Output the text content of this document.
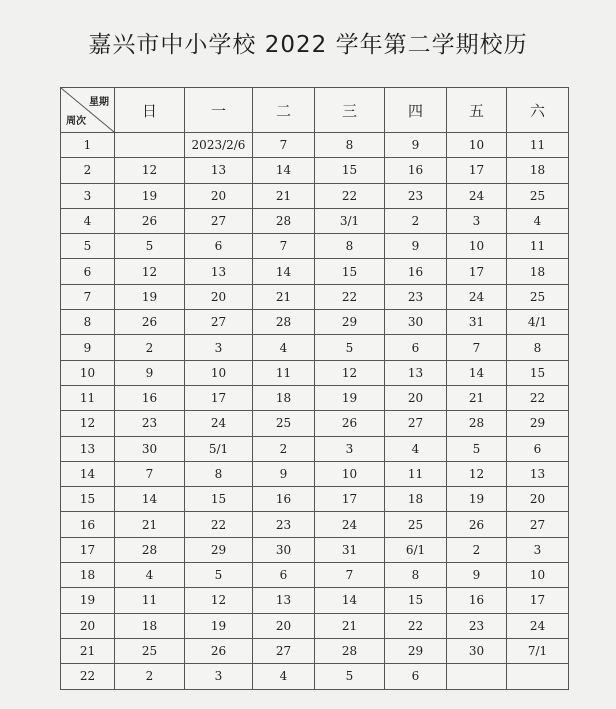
嘉兴市中小学校 2022 学年第二学期校历
星期
周次	日	一	二	三	四	五	六
1		2023/2/6	7	8	9	10	11
2	12	13	14	15	16	17	18
3	19	20	21	22	23	24	25
4	26	27	28	3/1	2	3	4
5	5	6	7	8	9	10	11
6	12	13	14	15	16	17	18
7	19	20	21	22	23	24	25
8	26	27	28	29	30	31	4/1
9	2	3	4	5	6	7	8
10	9	10	11	12	13	14	15
11	16	17	18	19	20	21	22
12	23	24	25	26	27	28	29
13	30	5/1	2	3	4	5	6
14	7	8	9	10	11	12	13
15	14	15	16	17	18	19	20
16	21	22	23	24	25	26	27
17	28	29	30	31	6/1	2	3
18	4	5	6	7	8	9	10
19	11	12	13	14	15	16	17
20	18	19	20	21	22	23	24
21	25	26	27	28	29	30	7/1
22	2	3	4	5	6		
